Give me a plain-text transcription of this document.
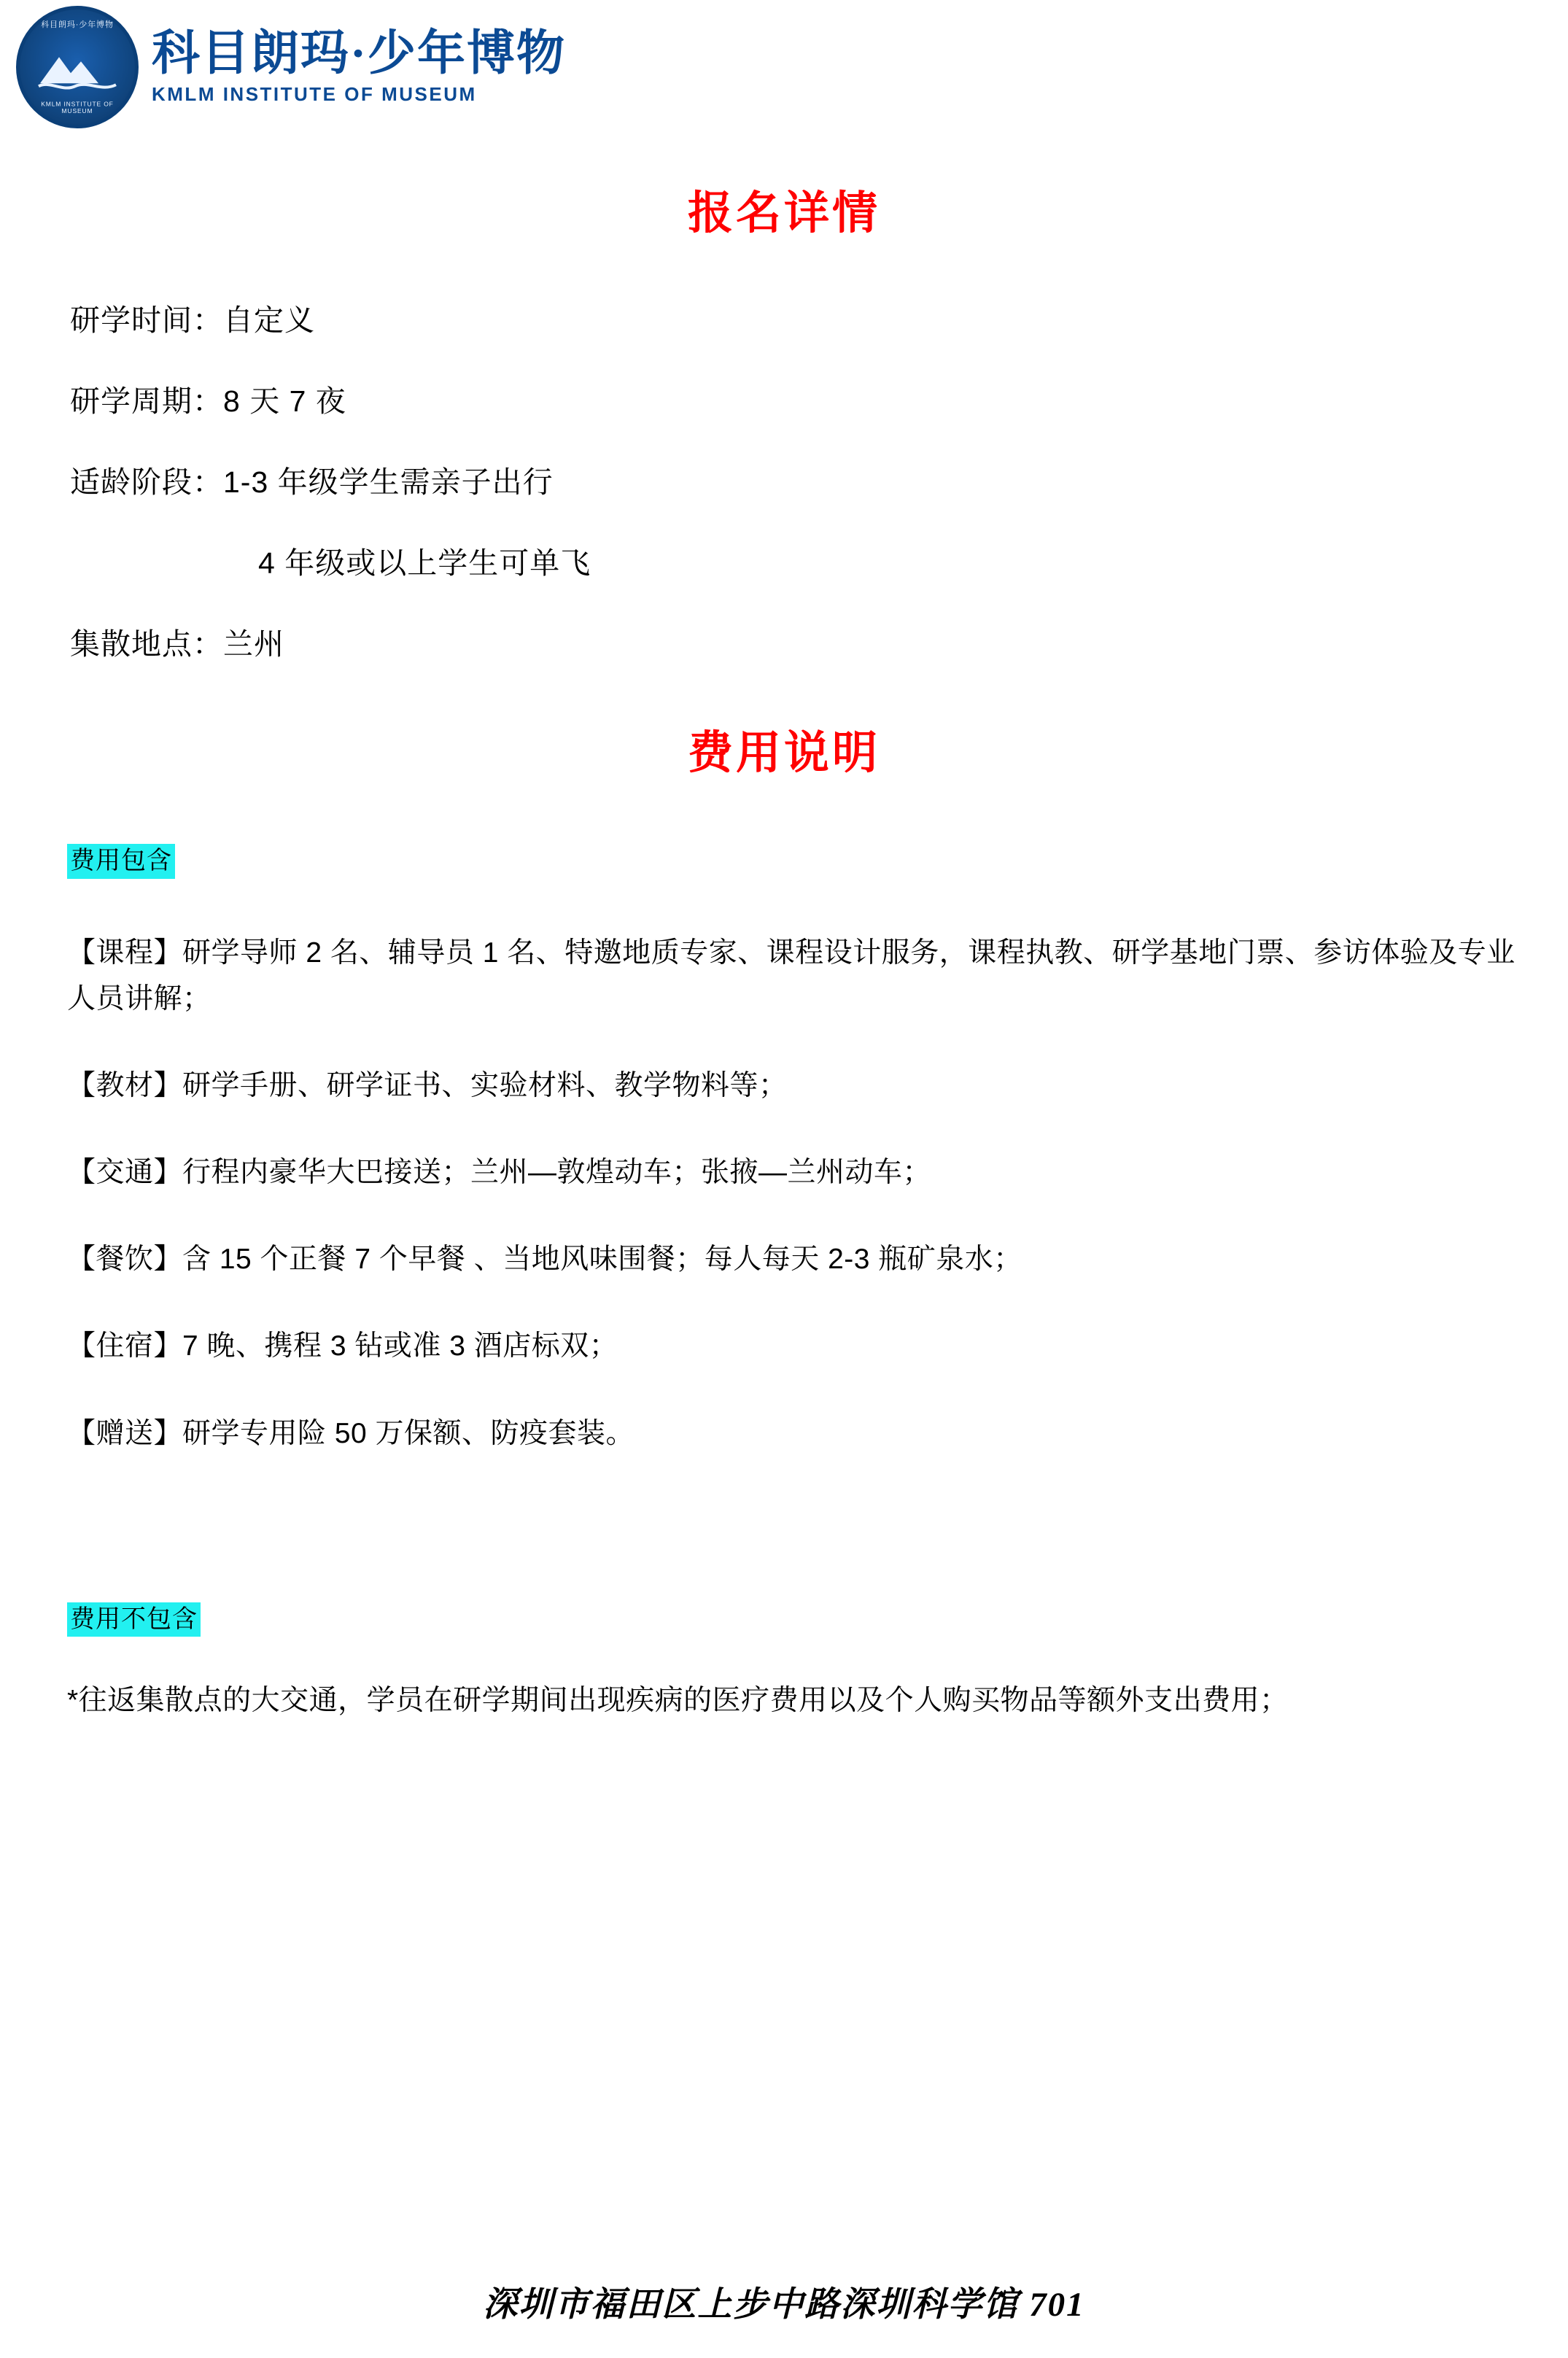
科目朗玛·少年博物
KMLM INSTITUTE OF MUSEUM
科目朗玛·少年博物
KMLM INSTITUTE OF MUSEUM
报名详情
研学时间：自定义
研学周期：8 天 7 夜
适龄阶段：1-3 年级学生需亲子出行
4 年级或以上学生可单飞
集散地点：兰州
费用说明
费用包含

【课程】研学导师 2 名、辅导员 1 名、特邀地质专家、课程设计服务，课程执教、研学基地门票、参访体验及专业人员讲解；

【教材】研学手册、研学证书、实验材料、教学物料等；

【交通】行程内豪华大巴接送；兰州—敦煌动车；张掖—兰州动车；

【餐饮】含 15 个正餐 7 个早餐 、当地风味围餐；每人每天 2-3 瓶矿泉水；

【住宿】7 晚、携程 3 钻或准 3 酒店标双；

【赠送】研学专用险 50 万保额、防疫套装。

费用不包含

*往返集散点的大交通，学员在研学期间出现疾病的医疗费用以及个人购买物品等额外支出费用；

深圳市福田区上步中路深圳科学馆 701
